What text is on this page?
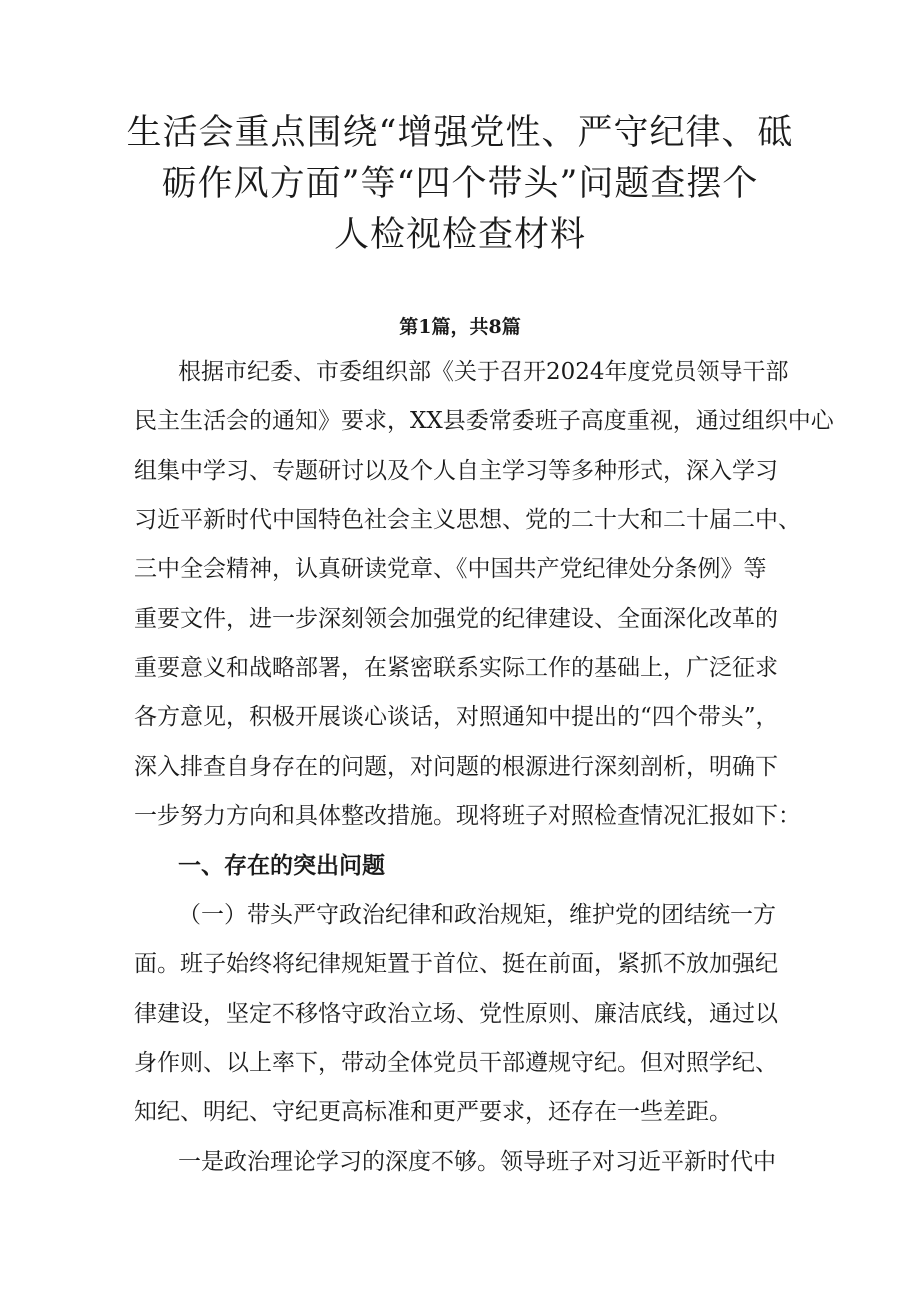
生活会重点围绕“增强党性、严守纪律、砥
砺作风方面”等“四个带头”问题查摆个
人检视检查材料

第1篇，共8篇

根据市纪委、市委组织部《关于召开2024年度党员领导干部

民主生活会的通知》要求，XX县委常委班子高度重视，通过组织中心

组集中学习、专题研讨以及个人自主学习等多种形式，深入学习

习近平新时代中国特色社会主义思想、党的二十大和二十届二中、

三中全会精神，认真研读党章、《中国共产党纪律处分条例》等

重要文件，进一步深刻领会加强党的纪律建设、全面深化改革的

重要意义和战略部署，在紧密联系实际工作的基础上，广泛征求

各方意见，积极开展谈心谈话，对照通知中提出的“四个带头”，

深入排查自身存在的问题，对问题的根源进行深刻剖析，明确下

一步努力方向和具体整改措施。现将班子对照检查情况汇报如下：

一、存在的突出问题

（一）带头严守政治纪律和政治规矩，维护党的团结统一方

面。班子始终将纪律规矩置于首位、挺在前面，紧抓不放加强纪

律建设，坚定不移恪守政治立场、党性原则、廉洁底线，通过以

身作则、以上率下，带动全体党员干部遵规守纪。但对照学纪、

知纪、明纪、守纪更高标准和更严要求，还存在一些差距。

一是政治理论学习的深度不够。领导班子对习近平新时代中
